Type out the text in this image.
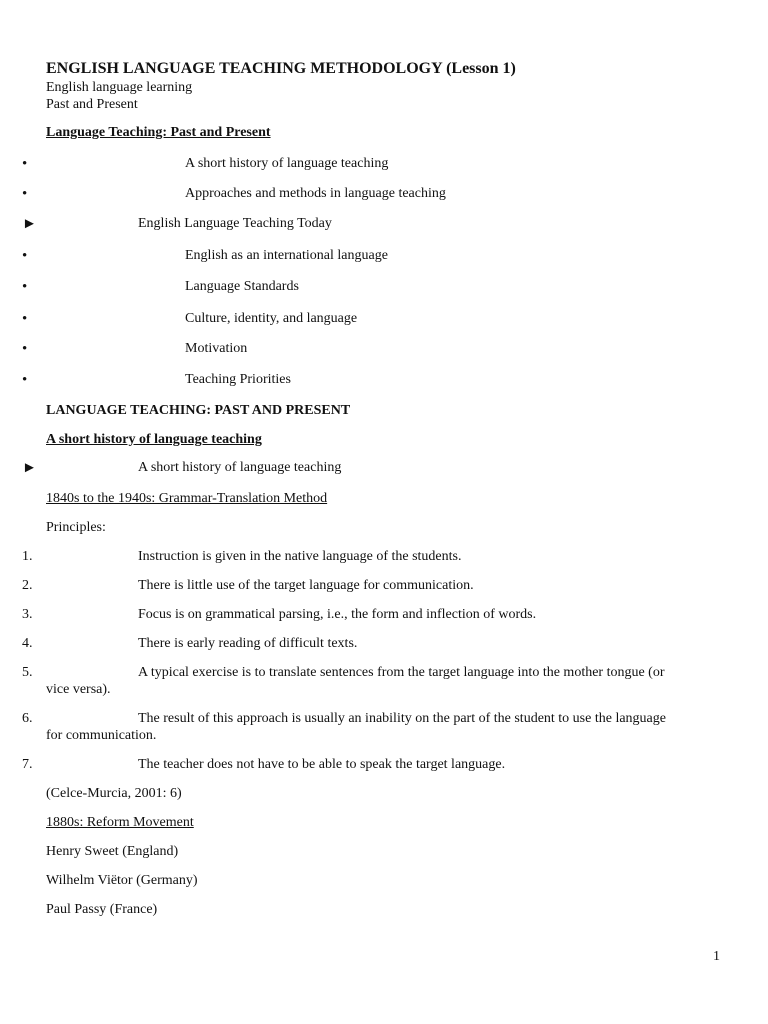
ENGLISH LANGUAGE TEACHING METHODOLOGY (Lesson 1)
English language learning
Past and Present
Language Teaching: Past and Present
•	A short history of language teaching
•	Approaches and methods in language teaching
►	English Language Teaching Today
•	English as an international language
•	Language Standards
•	Culture, identity, and language
•	Motivation
•	Teaching Priorities
LANGUAGE TEACHING: PAST AND PRESENT
A short history of language teaching
►	A short history of language teaching
1840s to the 1940s: Grammar-Translation Method
Principles:
1.	Instruction is given in the native language of the students.
2.	There is little use of the target language for communication.
3.	Focus is on grammatical parsing, i.e., the form and inflection of words.
4.	There is early reading of difficult texts.
5.	A typical exercise is to translate sentences from the target language into the mother tongue (or
vice versa).
6.	The result of this approach is usually an inability on the part of the student to use the language
for communication.
7.	The teacher does not have to be able to speak the target language.
(Celce-Murcia, 2001: 6)
1880s: Reform Movement
Henry Sweet (England)
Wilhelm Viëtor (Germany)
Paul Passy (France)
1
